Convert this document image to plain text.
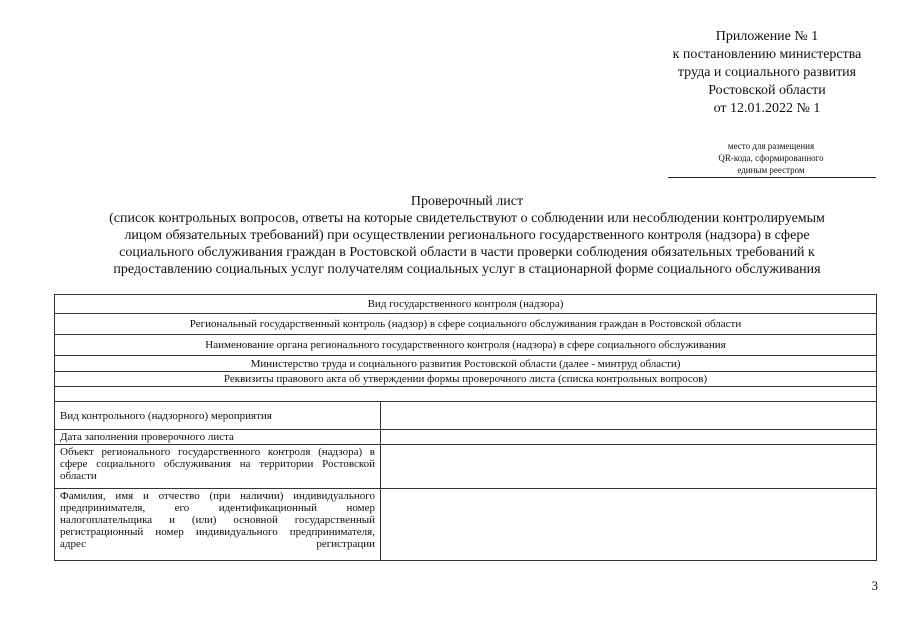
Приложение № 1
к постановлению министерства
труда и социального развития
Ростовской области
от 12.01.2022 № 1
место для размещения
QR-кода, сформированного
единым реестром
Проверочный лист
(список контрольных вопросов, ответы на которые свидетельствуют о соблюдении или несоблюдении контролируемым
лицом обязательных требований) при осуществлении регионального государственного контроля (надзора) в сфере
социального обслуживания граждан в Ростовской области в части проверки соблюдения обязательных требований к
предоставлению социальных услуг получателям социальных услуг в стационарной форме социального обслуживания
Вид государственного контроля (надзора)	
Региональный государственный контроль (надзор) в сфере социального обслуживания граждан в Ростовской области	
Наименование органа регионального государственного контроля (надзора) в сфере социального обслуживания	
Министерство труда и социального развития Ростовской области (далее - минтруд области)	
Реквизиты правового акта об утверждении формы проверочного листа (списка контрольных вопросов)	

Вид контрольного (надзорного) мероприятия	
Дата заполнения проверочного листа	
Объект регионального государственного контроля (надзора) в сфере социального обслуживания на территории Ростовской области	
Фамилия, имя и отчество (при наличии) индивидуального предпринимателя, его идентификационный номер налогоплательщика и (или) основной государственный регистрационный номер индивидуального предпринимателя, адрес регистрации	
3
